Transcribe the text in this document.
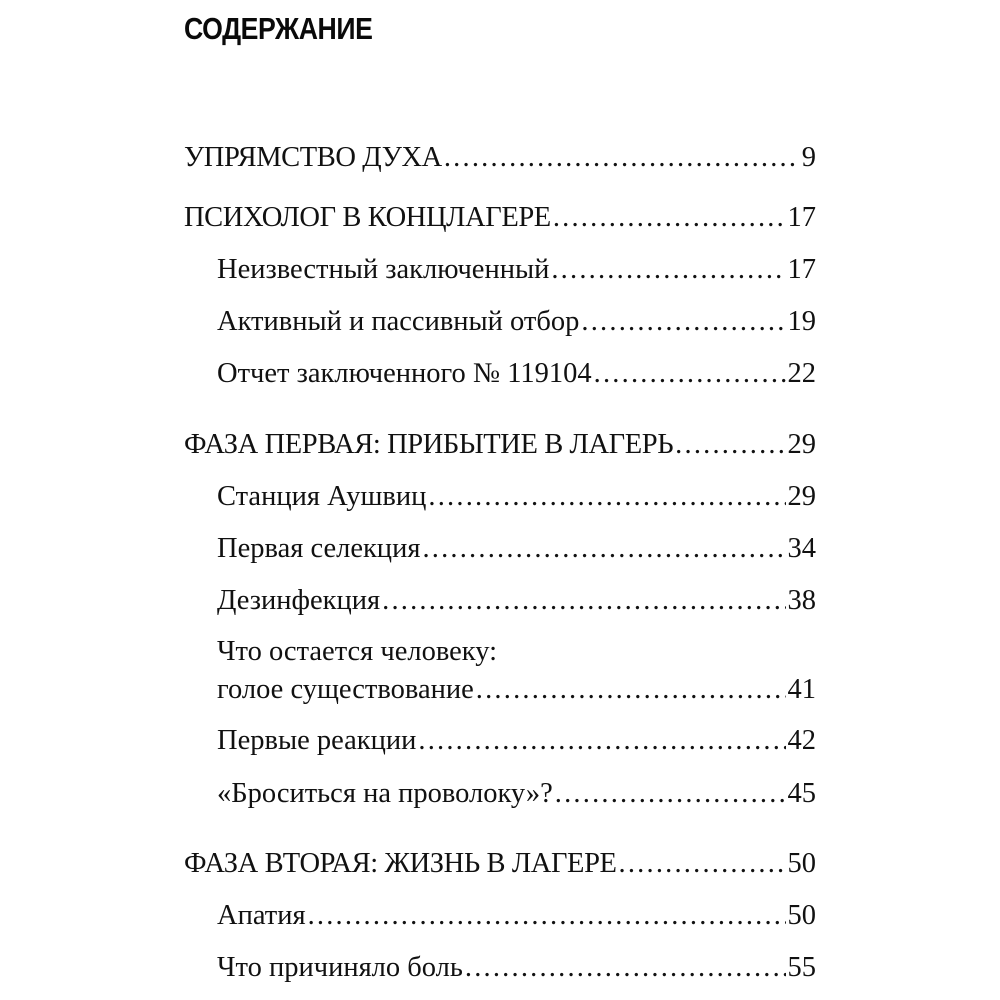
СОДЕРЖАНИЕ
УПРЯМСТВО ДУХА .....	9
ПСИХОЛОГ В КОНЦЛАГЕРЕ .....	17
Неизвестный заключенный .....	17
Активный и пассивный отбор .....	19
Отчет заключенного № 119104 .....	22
ФАЗА ПЕРВАЯ: ПРИБЫТИЕ В ЛАГЕРЬ .....	29
Станция Аушвиц .....	29
Первая селекция .....	34
Дезинфекция .....	38
Что остается человеку:
голое существование .....	41
Первые реакции .....	42
«Броситься на проволоку»? .....	45
ФАЗА ВТОРАЯ: ЖИЗНЬ В ЛАГЕРЕ .....	50
Апатия .....	50
Что причиняло боль .....	55
